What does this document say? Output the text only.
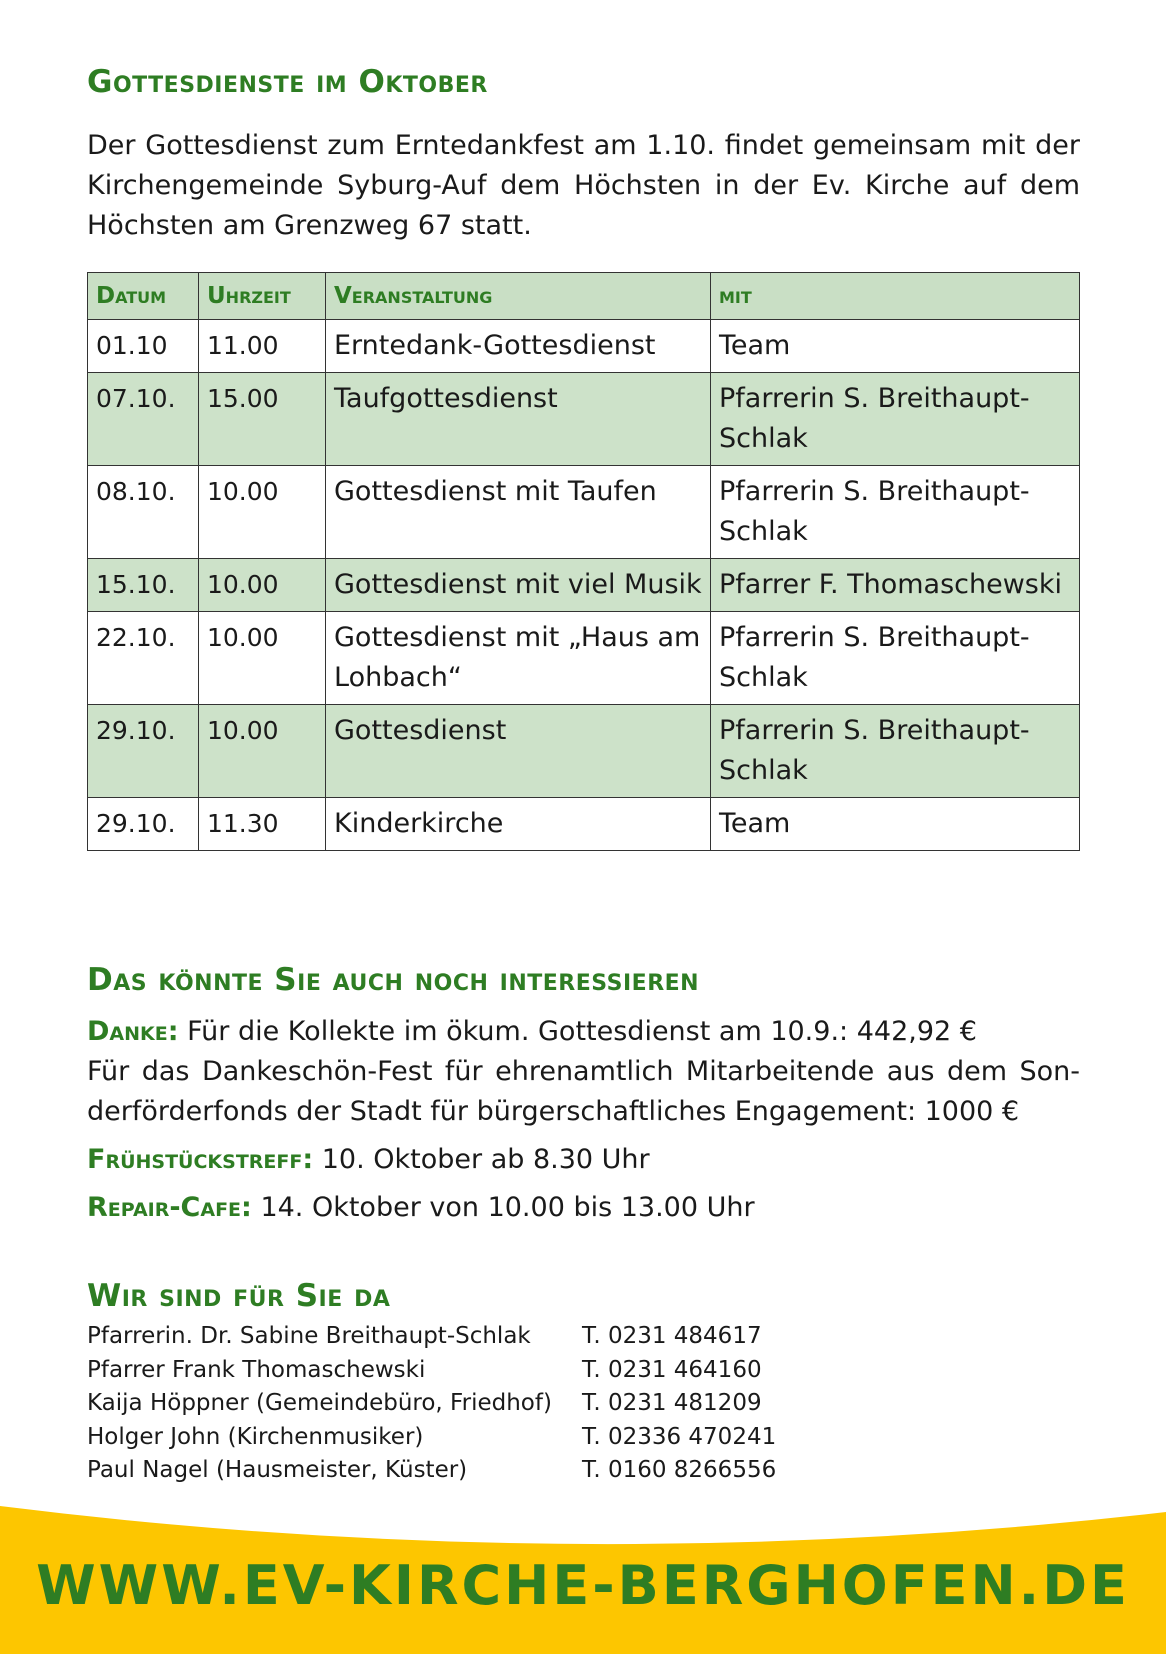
Gottesdienste im Oktober

Der Gottesdienst zum Erntedankfest am 1.10. findet gemeinsam mit der Kirchengemeinde Syburg-Auf dem Höchsten in der Ev. Kirche auf dem Höchsten am Grenzweg 67 statt.

Datum	Uhrzeit	Veranstaltung	mit
01.10	11.00	Erntedank-Gottesdienst	Team
07.10.	15.00	Taufgottesdienst	Pfarrerin S. Breithaupt-Schlak
08.10.	10.00	Gottesdienst mit Taufen	Pfarrerin S. Breithaupt-Schlak
15.10.	10.00	Gottesdienst mit viel Musik	Pfarrer F. Thomaschewski
22.10.	10.00	Gottesdienst mit „Haus am Lohbach“	Pfarrerin S. Breithaupt-Schlak
29.10.	10.00	Gottesdienst	Pfarrerin S. Breithaupt-Schlak
29.10.	11.30	Kinderkirche	Team
Das könnte Sie auch noch interessieren

Danke: Für die Kollekte im ökum. Gottesdienst am 10.9.: 442,92 €
Für das Dankeschön-Fest für ehrenamtlich Mitarbeitende aus dem Son-derförderfonds der Stadt für bürgerschaftliches Engagement: 1000 €

Frühstückstreff: 10. Oktober ab 8.30 Uhr

Repair-Cafe: 14. Oktober von 10.00 bis 13.00 Uhr

Wir sind für Sie da
Pfarrerin. Dr. Sabine Breithaupt-Schlak	T. 0231 484617
Pfarrer Frank Thomaschewski	T. 0231 464160
Kaija Höppner (Gemeindebüro, Friedhof)	T. 0231 481209
Holger John (Kirchenmusiker)	T. 02336 470241
Paul Nagel (Hausmeister, Küster)	T. 0160 8266556
WWW.EV-KIRCHE-BERGHOFEN.DE
